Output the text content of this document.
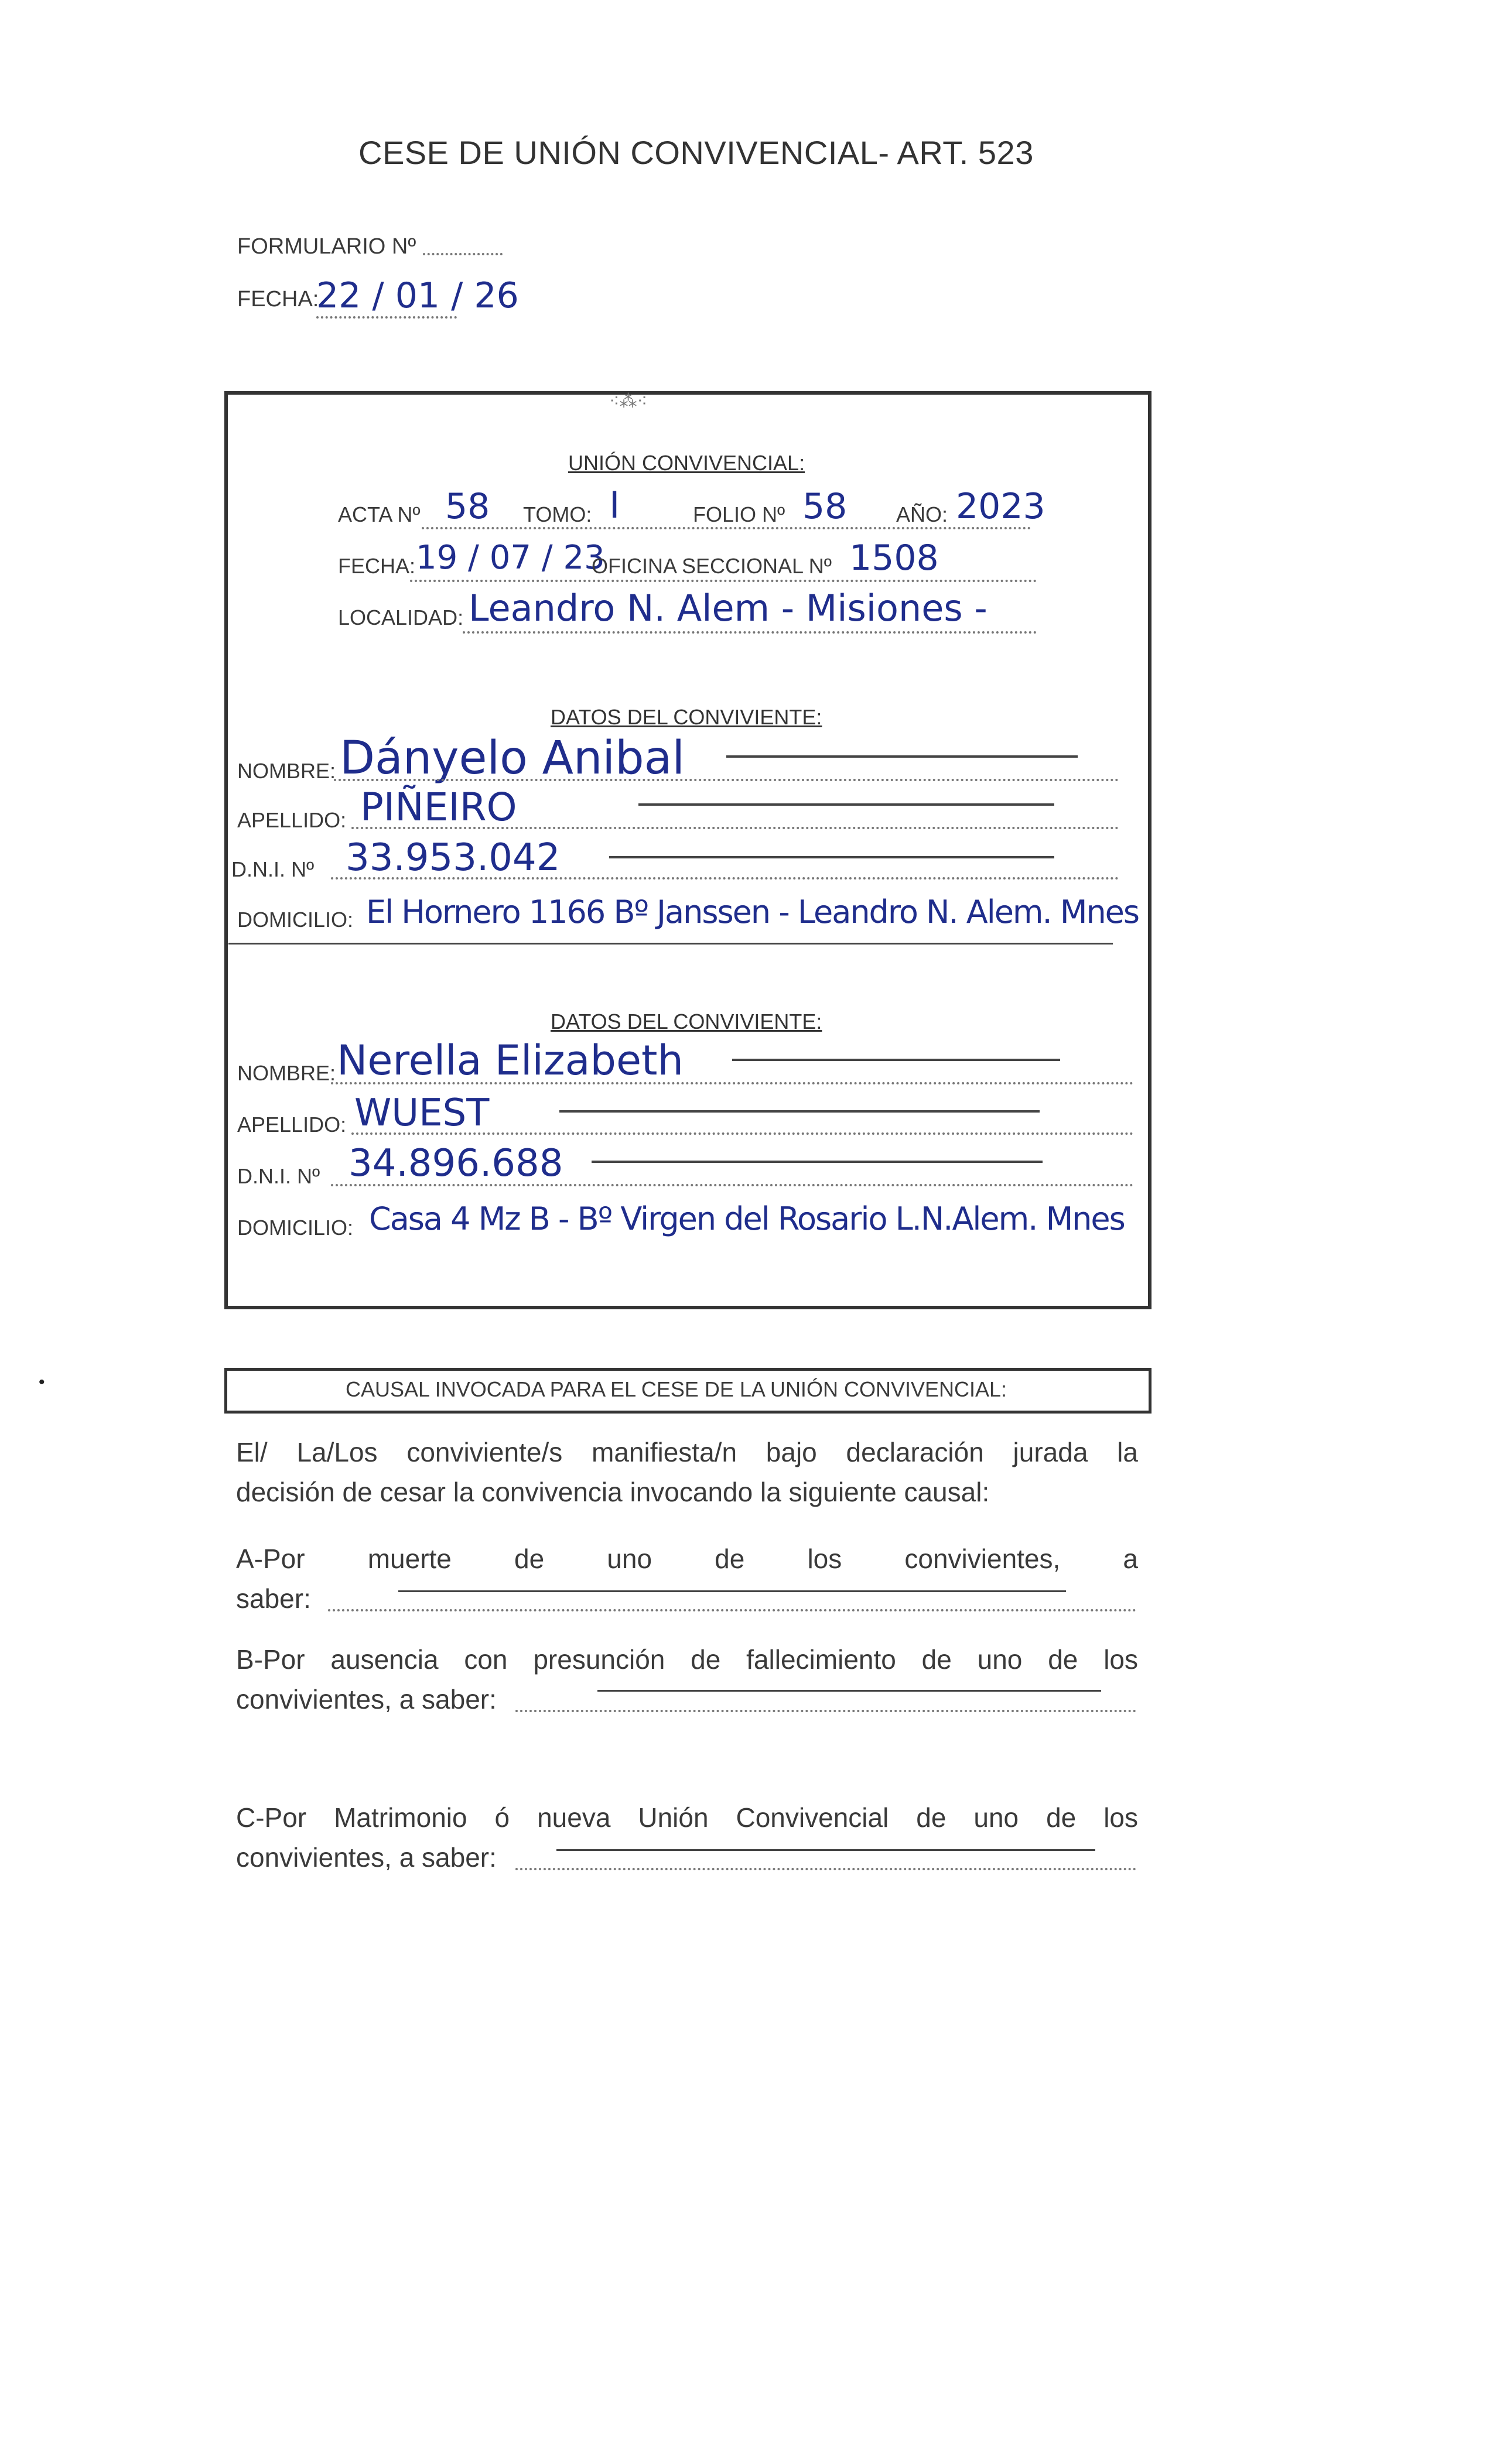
CESE DE UNIÓN CONVIVENCIAL- ART. 523
FORMULARIO Nº
FECHA:
22 / 01 / 26
⁖⁂⁖
UNIÓN CONVIVENCIAL:
ACTA Nº 58 TOMO: I	FOLIO Nº 58 AÑO: 2023
FECHA: 19 / 07 / 23
OFICINA SECCIONAL Nº 1508
LOCALIDAD: Leandro N. Alem - Misiones -
DATOS DEL CONVIVIENTE:
NOMBRE: Dányelo Anibal
APELLIDO: PIÑEIRO
D.N.I. Nº 33.953.042
DOMICILIO: El Hornero 1166 Bº Janssen - Leandro N. Alem. Mnes
DATOS DEL CONVIVIENTE:
NOMBRE: Nerella Elizabeth
APELLIDO: WUEST
D.N.I. Nº 34.896.688
DOMICILIO: Casa 4 Mz B - Bº Virgen del Rosario L.N.Alem. Mnes
CAUSAL INVOCADA PARA EL CESE DE LA UNIÓN CONVIVENCIAL:
El/ La/Los conviviente/s manifiesta/n bajo declaración jurada la
decisión de cesar la convivencia invocando la siguiente causal:
A-Por muerte de uno de los convivientes, a
saber:
B-Por ausencia con presunción de fallecimiento de uno de los
convivientes, a saber:
C-Por Matrimonio ó nueva Unión Convivencial de uno de los
convivientes, a saber:
•
